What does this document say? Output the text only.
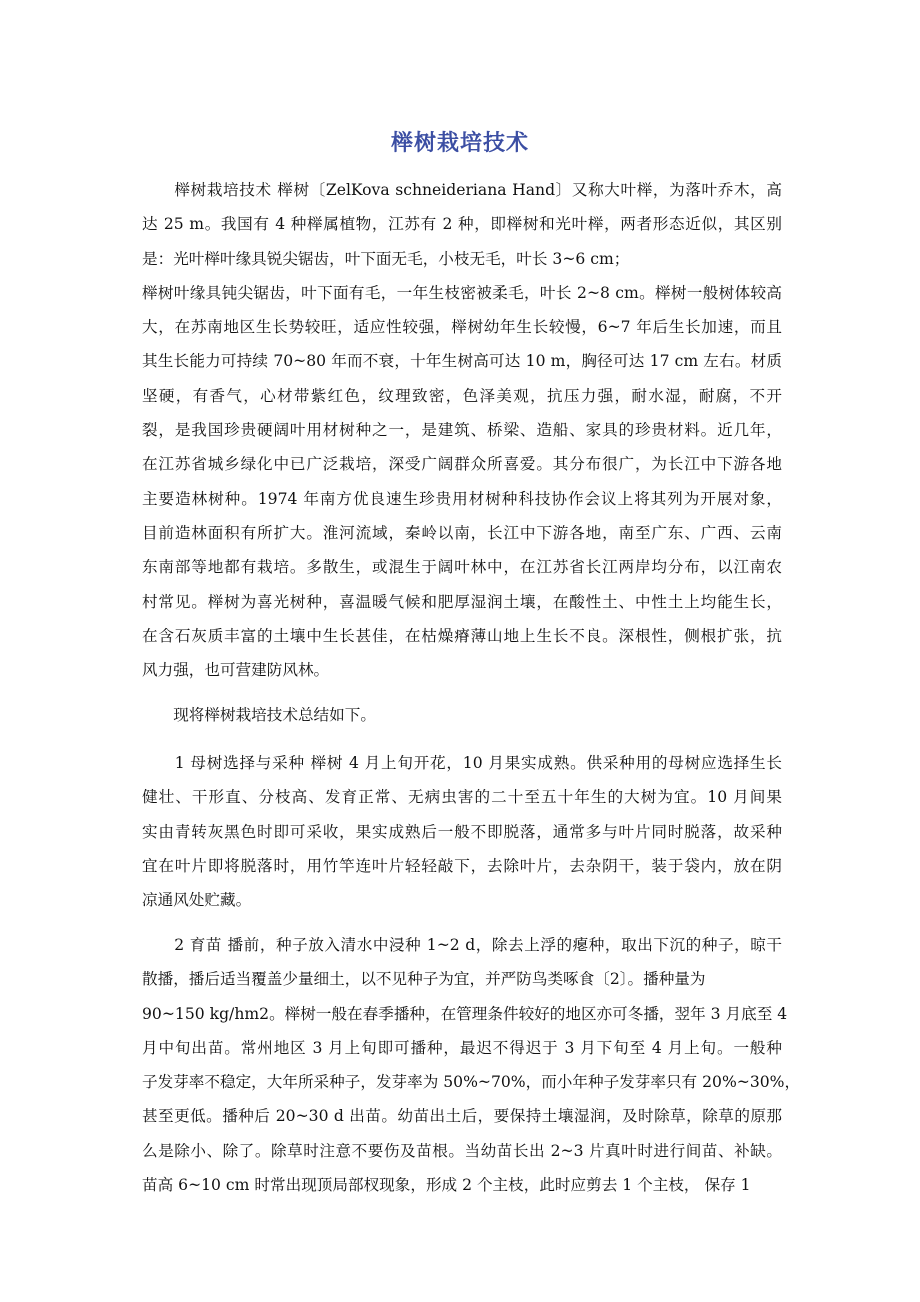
榉树栽培技术
　　榉树栽培技术 榉树〔ZelKova schneideriana Hand〕又称大叶榉，为落叶乔木，高
达 25 m。我国有 4 种榉属植物，江苏有 2 种，即榉树和光叶榉，两者形态近似，其区别
是：光叶榉叶缘具锐尖锯齿，叶下面无毛，小枝无毛，叶长 3~6 cm；
榉树叶缘具钝尖锯齿，叶下面有毛，一年生枝密被柔毛，叶长 2~8 cm。榉树一般树体较高
大，在苏南地区生长势较旺，适应性较强，榉树幼年生长较慢，6~7 年后生长加速，而且
其生长能力可持续 70~80 年而不衰，十年生树高可达 10 m，胸径可达 17 cm 左右。材质
坚硬，有香气，心材带紫红色，纹理致密，色泽美观，抗压力强，耐水湿，耐腐，不开
裂，是我国珍贵硬阔叶用材树种之一，是建筑、桥梁、造船、家具的珍贵材料。近几年，
在江苏省城乡绿化中已广泛栽培，深受广阔群众所喜爱。其分布很广，为长江中下游各地
主要造林树种。1974 年南方优良速生珍贵用材树种科技协作会议上将其列为开展对象，
目前造林面积有所扩大。淮河流域，秦岭以南，长江中下游各地，南至广东、广西、云南
东南部等地都有栽培。多散生，或混生于阔叶林中，在江苏省长江两岸均分布，以江南农
村常见。榉树为喜光树种，喜温暖气候和肥厚湿润土壤，在酸性土、中性土上均能生长，
在含石灰质丰富的土壤中生长甚佳，在枯燥瘠薄山地上生长不良。深根性，侧根扩张，抗
风力强，也可营建防风林。
　　现将榉树栽培技术总结如下。
　　1 母树选择与采种 榉树 4 月上旬开花，10 月果实成熟。供采种用的母树应选择生长
健壮、干形直、分枝高、发育正常、无病虫害的二十至五十年生的大树为宜。10 月间果
实由青转灰黑色时即可采收，果实成熟后一般不即脱落，通常多与叶片同时脱落，故采种
宜在叶片即将脱落时，用竹竿连叶片轻轻敲下，去除叶片，去杂阴干，装于袋内，放在阴
凉通风处贮藏。
　　2 育苗 播前，种子放入清水中浸种 1~2 d，除去上浮的瘪种，取出下沉的种子，晾干
散播，播后适当覆盖少量细土，以不见种子为宜，并严防鸟类啄食〔2〕。播种量为
90~150 kg/hm2。榉树一般在春季播种，在管理条件较好的地区亦可冬播，翌年 3 月底至 4
月中旬出苗。常州地区 3 月上旬即可播种，最迟不得迟于 3 月下旬至 4 月上旬。一般种
子发芽率不稳定，大年所采种子，发芽率为 50%~70%，而小年种子发芽率只有 20%~30%，
甚至更低。播种后 20~30 d 出苗。幼苗出土后，要保持土壤湿润，及时除草，除草的原那
么是除小、除了。除草时注意不要伤及苗根。当幼苗长出 2~3 片真叶时进行间苗、补缺。
苗高 6~10 cm 时常出现顶局部杈现象，形成 2 个主枝，此时应剪去 1 个主枝， 保存 1
